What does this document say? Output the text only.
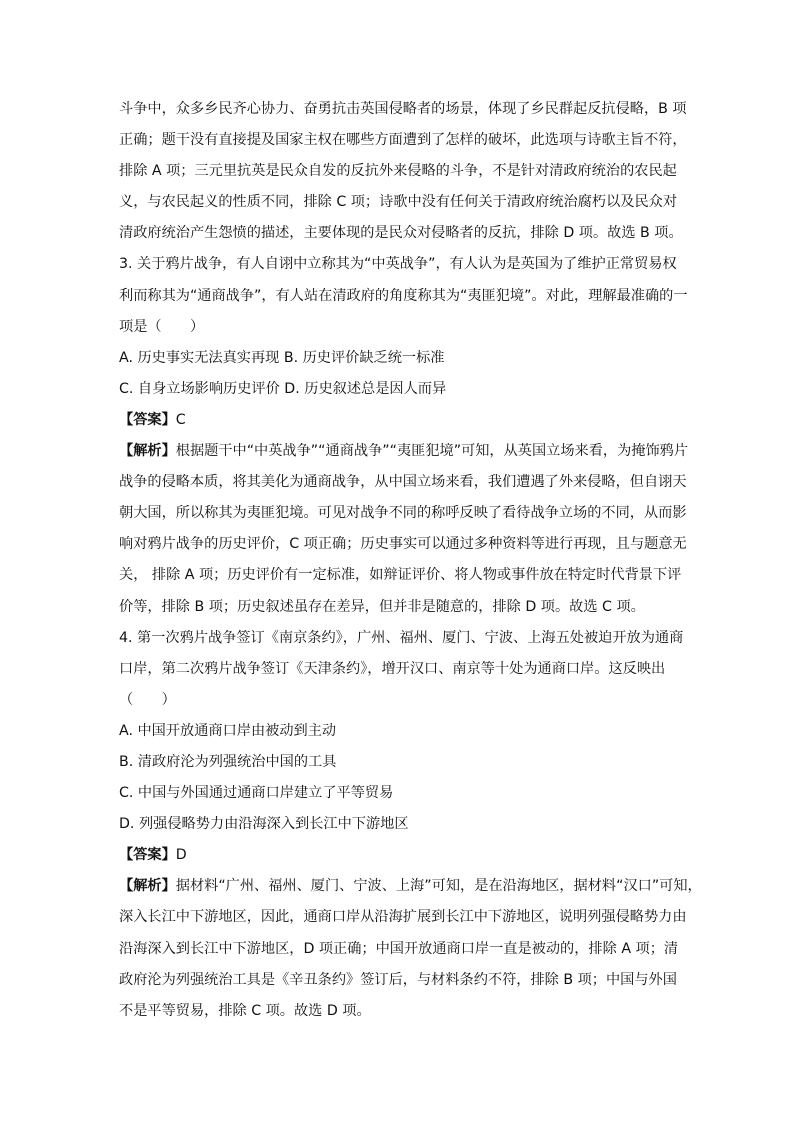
斗争中，众多乡民齐心协力、奋勇抗击英国侵略者的场景，体现了乡民群起反抗侵略，B 项
正确；题干没有直接提及国家主权在哪些方面遭到了怎样的破坏，此选项与诗歌主旨不符，
排除 A 项；三元里抗英是民众自发的反抗外来侵略的斗争，不是针对清政府统治的农民起
义，与农民起义的性质不同，排除 C 项；诗歌中没有任何关于清政府统治腐朽以及民众对
清政府统治产生怨愤的描述，主要体现的是民众对侵略者的反抗，排除 D 项。故选 B 项。
3. 关于鸦片战争，有人自诩中立称其为“中英战争”，有人认为是英国为了维护正常贸易权
利而称其为“通商战争”，有人站在清政府的角度称其为“夷匪犯境”。对此，理解最准确的一
项是（　　）
A. 历史事实无法真实再现 B. 历史评价缺乏统一标准
C. 自身立场影响历史评价 D. 历史叙述总是因人而异
【答案】C
【解析】根据题干中“中英战争”“通商战争”“夷匪犯境”可知，从英国立场来看，为掩饰鸦片
战争的侵略本质，将其美化为通商战争，从中国立场来看，我们遭遇了外来侵略，但自诩天
朝大国，所以称其为夷匪犯境。可见对战争不同的称呼反映了看待战争立场的不同，从而影
响对鸦片战争的历史评价，C 项正确；历史事实可以通过多种资料等进行再现，且与题意无
关， 排除 A 项；历史评价有一定标准，如辩证评价、将人物或事件放在特定时代背景下评
价等，排除 B 项；历史叙述虽存在差异，但并非是随意的，排除 D 项。故选 C 项。
4. 第一次鸦片战争签订《南京条约》，广州、福州、厦门、宁波、上海五处被迫开放为通商
口岸，第二次鸦片战争签订《天津条约》，增开汉口、南京等十处为通商口岸。这反映出
（　　）
A. 中国开放通商口岸由被动到主动
B. 清政府沦为列强统治中国的工具
C. 中国与外国通过通商口岸建立了平等贸易
D. 列强侵略势力由沿海深入到长江中下游地区
【答案】D
【解析】据材料“广州、福州、厦门、宁波、上海”可知，是在沿海地区，据材料“汉口”可知，
深入长江中下游地区，因此，通商口岸从沿海扩展到长江中下游地区，说明列强侵略势力由
沿海深入到长江中下游地区，D 项正确；中国开放通商口岸一直是被动的，排除 A 项；清
政府沦为列强统治工具是《辛丑条约》签订后，与材料条约不符，排除 B 项；中国与外国
不是平等贸易，排除 C 项。故选 D 项。
